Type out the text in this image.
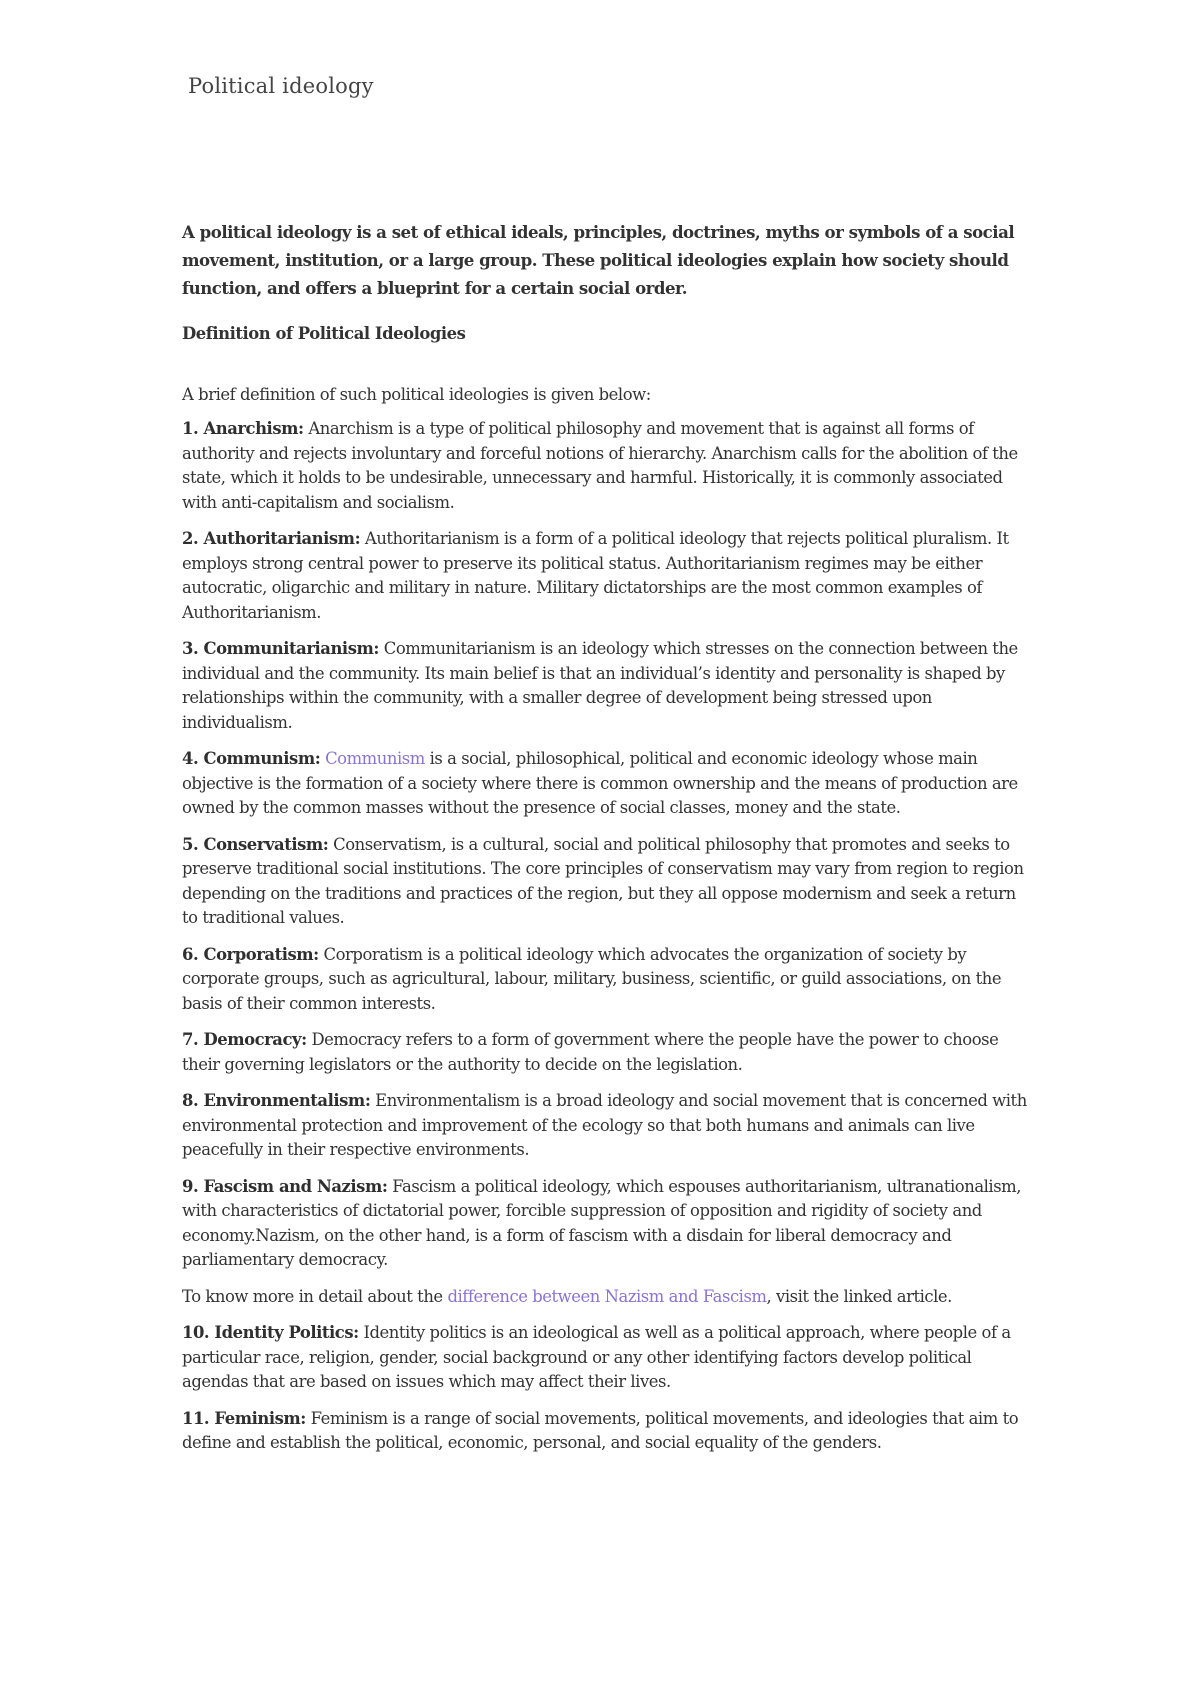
Political ideology

A political ideology is a set of ethical ideals, principles, doctrines, myths or symbols of a social movement, institution, or a large group. These political ideologies explain how society should function, and offers a blueprint for a certain social order.

Definition of Political Ideologies

A brief definition of such political ideologies is given below:

1. Anarchism: Anarchism is a type of political philosophy and movement that is against all forms of authority and rejects involuntary and forceful notions of hierarchy. Anarchism calls for the abolition of the state, which it holds to be undesirable, unnecessary and harmful. Historically, it is commonly associated with anti-capitalism and socialism.

2. Authoritarianism: Authoritarianism is a form of a political ideology that rejects political pluralism. It employs strong central power to preserve its political status. Authoritarianism regimes may be either autocratic, oligarchic and military in nature. Military dictatorships are the most common examples of Authoritarianism.

3. Communitarianism: Communitarianism is an ideology which stresses on the connection between the individual and the community. Its main belief is that an individual’s identity and personality is shaped by relationships within the community, with a smaller degree of development being stressed upon individualism.

4. Communism: Communism is a social, philosophical, political and economic ideology whose main objective is the formation of a society where there is common ownership and the means of production are owned by the common masses without the presence of social classes, money and the state.

5. Conservatism: Conservatism, is a cultural, social and political philosophy that promotes and seeks to preserve traditional social institutions. The core principles of conservatism may vary from region to region depending on the traditions and practices of the region, but they all oppose modernism and seek a return to traditional values.

6. Corporatism: Corporatism is a political ideology which advocates the organization of society by corporate groups, such as agricultural, labour, military, business, scientific, or guild associations, on the basis of their common interests.

7. Democracy: Democracy refers to a form of government where the people have the power to choose their governing legislators or the authority to decide on the legislation.

8. Environmentalism: Environmentalism is a broad ideology and social movement that is concerned with environmental protection and improvement of the ecology so that both humans and animals can live peacefully in their respective environments.

9. Fascism and Nazism: Fascism a political ideology, which espouses authoritarianism, ultranationalism, with characteristics of dictatorial power, forcible suppression of opposition and rigidity of society and economy.Nazism, on the other hand, is a form of fascism with a disdain for liberal democracy and parliamentary democracy.

To know more in detail about the difference between Nazism and Fascism, visit the linked article.

10. Identity Politics: Identity politics is an ideological as well as a political approach, where people of a particular race, religion, gender, social background or any other identifying factors develop political agendas that are based on issues which may affect their lives.

11. Feminism: Feminism is a range of social movements, political movements, and ideologies that aim to define and establish the political, economic, personal, and social equality of the genders.
